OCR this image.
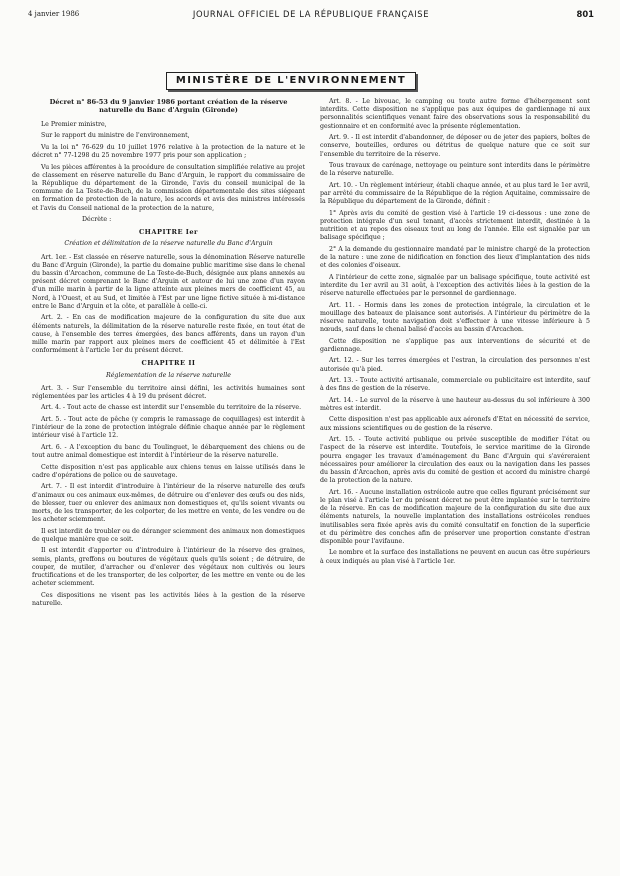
4 janvier 1986	JOURNAL OFFICIEL DE LA RÉPUBLIQUE FRANÇAISE	801
MINISTÈRE DE L'ENVIRONNEMENT
Décret n° 86-53 du 9 janvier 1986 portant création de la réserve naturelle du Banc d'Arguin (Gironde)

Le Premier ministre,

Sur le rapport du ministre de l'environnement,

Vu la loi n° 76-629 du 10 juillet 1976 relative à la protection de la nature et le décret n° 77-1298 du 25 novembre 1977 pris pour son application ;

Vu les pièces afférentes à la procédure de consultation simplifiée relative au projet de classement en réserve naturelle du Banc d'Arguin, le rapport du commissaire de la République du département de la Gironde, l'avis du conseil municipal de la commune de La Teste-de-Buch, de la commission départementale des sites siégeant en formation de protection de la nature, les accords et avis des ministres intéressés et l'avis du Conseil national de la protection de la nature,

Décrète :

CHAPITRE Ier
Création et délimitation de la réserve naturelle du Banc d'Arguin

Art. 1er. - Est classée en réserve naturelle, sous la dénomination Réserve naturelle du Banc d'Arguin (Gironde), la partie du domaine public maritime sise dans le chenal du bassin d'Arcachon, commune de La Teste-de-Buch, désignée aux plans annexés au présent décret comprenant le Banc d'Arguin et autour de lui une zone d'un rayon d'un mille marin à partir de la ligne atteinte aux pleines mers de coefficient 45, au Nord, à l'Ouest, et au Sud, et limitée à l'Est par une ligne fictive située à mi-distance entre le Banc d'Arguin et la côte, et parallèle à celle-ci.

Art. 2. - En cas de modification majeure de la configuration du site due aux éléments naturels, la délimitation de la réserve naturelle reste fixée, en tout état de cause, à l'ensemble des terres émergées, des bancs afférents, dans un rayon d'un mille marin par rapport aux pleines mers de coefficient 45 et délimitée à l'Est conformément à l'article 1er du présent décret.

CHAPITRE II
Réglementation de la réserve naturelle

Art. 3. - Sur l'ensemble du territoire ainsi défini, les activités humaines sont réglementées par les articles 4 à 19 du présent décret.

Art. 4. - Tout acte de chasse est interdit sur l'ensemble du territoire de la réserve.

Art. 5. - Tout acte de pêche (y compris le ramassage de coquillages) est interdit à l'intérieur de la zone de protection intégrale définie chaque année par le règlement intérieur visé à l'article 12.

Art. 6. - A l'exception du banc du Toulinguet, le débarquement des chiens ou de tout autre animal domestique est interdit à l'intérieur de la réserve naturelle.

Cette disposition n'est pas applicable aux chiens tenus en laisse utilisés dans le cadre d'opérations de police ou de sauvetage.

Art. 7. - Il est interdit d'introduire à l'intérieur de la réserve naturelle des œufs d'animaux ou ces animaux eux-mêmes, de détruire ou d'enlever des œufs ou des nids, de blesser, tuer ou enlever des animaux non domestiques et, qu'ils soient vivants ou morts, de les transporter, de les colporter, de les mettre en vente, de les vendre ou de les acheter sciemment.

Il est interdit de troubler ou de déranger sciemment des animaux non domestiques de quelque manière que ce soit.

Il est interdit d'apporter ou d'introduire à l'intérieur de la réserve des graines, semis, plants, greffons ou boutures de végétaux quels qu'ils soient ; de détruire, de couper, de mutiler, d'arracher ou d'enlever des végétaux non cultivés ou leurs fructifications et de les transporter, de les colporter, de les mettre en vente ou de les acheter sciemment.

Ces dispositions ne visent pas les activités liées à la gestion de la réserve naturelle.

Art. 8. - Le bivouac, le camping ou toute autre forme d'hébergement sont interdits. Cette disposition ne s'applique pas aux équipes de gardiennage ni aux personnalités scientifiques venant faire des observations sous la responsabilité du gestionnaire et en conformité avec la présente réglementation.

Art. 9. - Il est interdit d'abandonner, de déposer ou de jeter des papiers, boîtes de conserve, bouteilles, ordures ou détritus de quelque nature que ce soit sur l'ensemble du territoire de la réserve.

Tous travaux de carénage, nettoyage ou peinture sont interdits dans le périmètre de la réserve naturelle.

Art. 10. - Un règlement intérieur, établi chaque année, et au plus tard le 1er avril, par arrêté du commissaire de la République de la région Aquitaine, commissaire de la République du département de la Gironde, définit :

1° Après avis du comité de gestion visé à l'article 19 ci-dessous : une zone de protection intégrale d'un seul tenant, d'accès strictement interdit, destinée à la nutrition et au repos des oiseaux tout au long de l'année. Elle est signalée par un balisage spécifique ;

2° A la demande du gestionnaire mandaté par le ministre chargé de la protection de la nature : une zone de nidification en fonction des lieux d'implantation des nids et des colonies d'oiseaux.

A l'intérieur de cette zone, signalée par un balisage spécifique, toute activité est interdite du 1er avril au 31 août, à l'exception des activités liées à la gestion de la réserve naturelle effectuées par le personnel de gardiennage.

Art. 11. - Hormis dans les zones de protection intégrale, la circulation et le mouillage des bateaux de plaisance sont autorisés. A l'intérieur du périmètre de la réserve naturelle, toute navigation doit s'effectuer à une vitesse inférieure à 5 nœuds, sauf dans le chenal balisé d'accès au bassin d'Arcachon.

Cette disposition ne s'applique pas aux interventions de sécurité et de gardiennage.

Art. 12. - Sur les terres émergées et l'estran, la circulation des personnes n'est autorisée qu'à pied.

Art. 13. - Toute activité artisanale, commerciale ou publicitaire est interdite, sauf à des fins de gestion de la réserve.

Art. 14. - Le survol de la réserve à une hauteur au-dessus du sol inférieure à 300 mètres est interdit.

Cette disposition n'est pas applicable aux aéronefs d'Etat en nécessité de service, aux missions scientifiques ou de gestion de la réserve.

Art. 15. - Toute activité publique ou privée susceptible de modifier l'état ou l'aspect de la réserve est interdite. Toutefois, le service maritime de la Gironde pourra engager les travaux d'aménagement du Banc d'Arguin qui s'avéreraient nécessaires pour améliorer la circulation des eaux ou la navigation dans les passes du bassin d'Arcachon, après avis du comité de gestion et accord du ministre chargé de la protection de la nature.

Art. 16. - Aucune installation ostréicole autre que celles figurant précisément sur le plan visé à l'article 1er du présent décret ne peut être implantée sur le territoire de la réserve. En cas de modification majeure de la configuration du site due aux éléments naturels, la nouvelle implantation des installations ostréicoles rendues inutilisables sera fixée après avis du comité consultatif en fonction de la superficie et du périmètre des conches afin de préserver une proportion constante d'estran disponible pour l'avifaune.

Le nombre et la surface des installations ne peuvent en aucun cas être supérieurs à ceux indiqués au plan visé à l'article 1er.
